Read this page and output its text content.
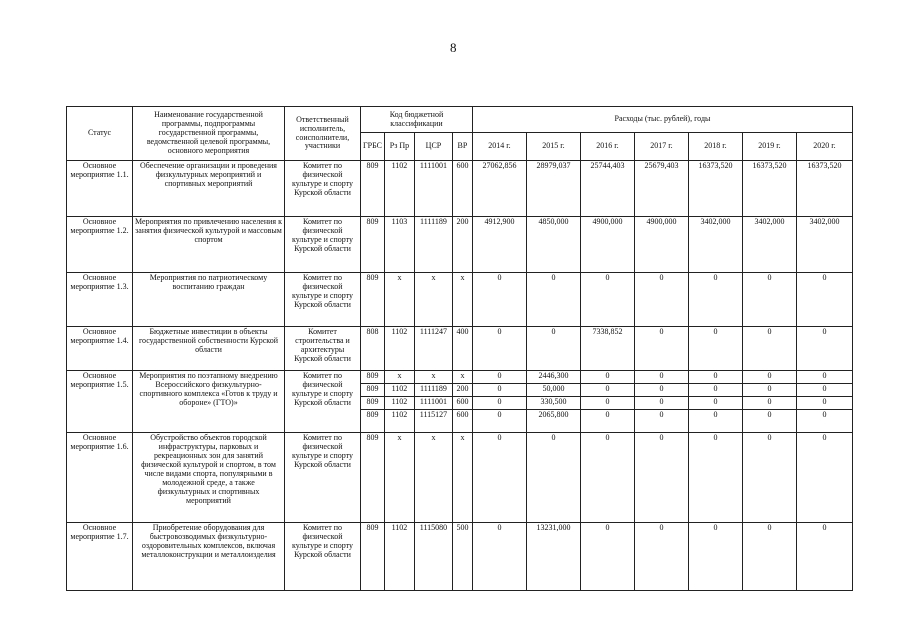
8
Статус	Наименование государственной программы, подпрограммы государственной программы, ведомственной целевой программы, основного мероприятия	Ответственный исполнитель, соисполнители, участники	Код бюджетной классификации				Расходы (тыс. рублей), годы						
			ГРБС	Рз Пр	ЦСР	ВР	2014 г.	2015 г.	2016 г.	2017 г.	2018 г.	2019 г.	2020 г.
Основное мероприятие 1.1.	Обеспечение организации и проведения физкультурных мероприятий и спортивных мероприятий	Комитет по физической культуре и спорту Курской области	809	1102	1111001	600	27062,856	28979,037	25744,403	25679,403	16373,520	16373,520	16373,520
Основное мероприятие 1.2.	Мероприятия по привлечению населения к занятия физической культурой и массовым спортом	Комитет по физической культуре и спорту Курской области	809	1103	1111189	200	4912,900	4850,000	4900,000	4900,000	3402,000	3402,000	3402,000
Основное мероприятие 1.3.	Мероприятия по патриотическому воспитанию граждан	Комитет по физической культуре и спорту Курской области	809	х	х	х	0	0	0	0	0	0	0
Основное мероприятие 1.4.	Бюджетные инвестиции в объекты государственной собственности Курской области	Комитет строительства и архитектуры Курской области	808	1102	1111247	400	0	0	7338,852	0	0	0	0
Основное мероприятие 1.5.	Мероприятия по поэтапному внедрению Всероссийского физкультурно-спортивного комплекса «Готов к труду и обороне» (ГТО)»	Комитет по физической культуре и спорту Курской области	809	х	х	х	0	2446,300	0	0	0	0	0
			809	1102	1111189	200	0	50,000	0	0	0	0	0
			809	1102	1111001	600	0	330,500	0	0	0	0	0
			809	1102	1115127	600	0	2065,800	0	0	0	0	0
Основное мероприятие 1.6.	Обустройство объектов городской инфраструктуры, парковых и рекреационных зон для занятий физической культурой и спортом, в том числе видами спорта, популярными в молодежной среде, а также физкультурных и спортивных мероприятий	Комитет по физической культуре и спорту Курской области	809	х	х	х	0	0	0	0	0	0	0
Основное мероприятие 1.7.	Приобретение оборудования для быстровозводимых физкультурно-оздоровительных комплексов, включая металлоконструкции и металлоизделия	Комитет по физической культуре и спорту Курской области	809	1102	1115080	500	0	13231,000	0	0	0	0	0
